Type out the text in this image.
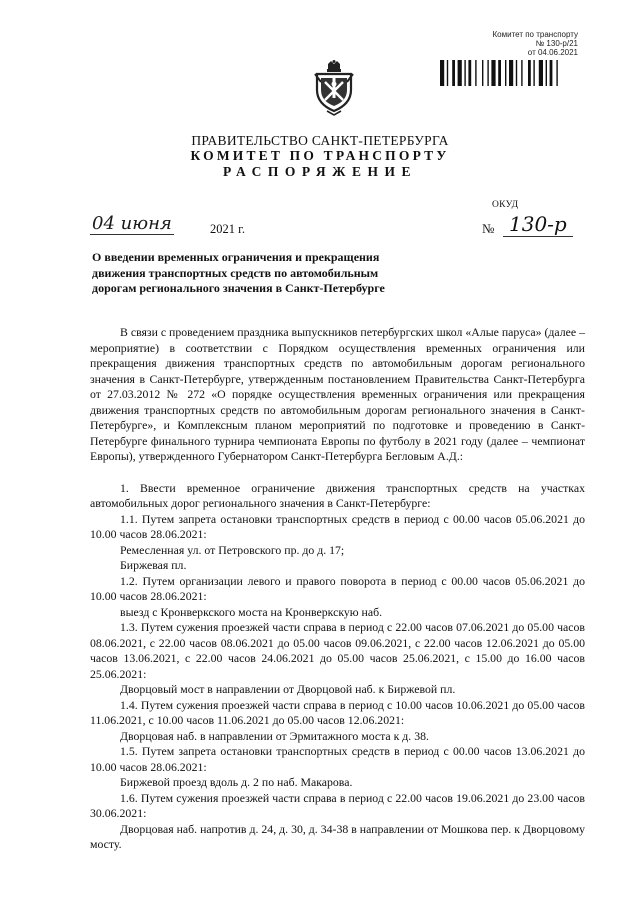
Комитет по транспорту
№ 130-р/21
от 04.06.2021
ПРАВИТЕЛЬСТВО САНКТ-ПЕТЕРБУРГА
КОМИТЕТ ПО ТРАНСПОРТУ
РАСПОРЯЖЕНИЕ
ОКУД
04 июня	2021 г.	№ 130-р
О введении временных ограничения и прекращения движения транспортных средств по автомобильным дорогам регионального значения в Санкт-Петербурге

В связи с проведением праздника выпускников петербургских школ «Алые паруса» (далее – мероприятие) в соответствии с Порядком осуществления временных ограничения или прекращения движения транспортных средств по автомобильным дорогам регионального значения в Санкт-Петербурге, утвержденным постановлением Правительства Санкт-Петербурга от 27.03.2012 № 272 «О порядке осуществления временных ограничения или прекращения движения транспортных средств по автомобильным дорогам регионального значения в Санкт-Петербурге», и Комплексным планом мероприятий по подготовке и проведению в Санкт-Петербурге финального турнира чемпионата Европы по футболу в 2021 году (далее – чемпионат Европы), утвержденного Губернатором Санкт-Петербурга Бегловым А.Д.:

1. Ввести временное ограничение движения транспортных средств на участках автомобильных дорог регионального значения в Санкт-Петербурге:

1.1. Путем запрета остановки транспортных средств в период с 00.00 часов 05.06.2021 до 10.00 часов 28.06.2021:

Ремесленная ул. от Петровского пр. до д. 17;

Биржевая пл.

1.2. Путем организации левого и правого поворота в период с 00.00 часов 05.06.2021 до 10.00 часов 28.06.2021:

выезд с Кронверкского моста на Кронверкскую наб.

1.3. Путем сужения проезжей части справа в период с 22.00 часов 07.06.2021 до 05.00 часов 08.06.2021, с 22.00 часов 08.06.2021 до 05.00 часов 09.06.2021, с 22.00 часов 12.06.2021 до 05.00 часов 13.06.2021, с 22.00 часов 24.06.2021 до 05.00 часов 25.06.2021, с 15.00 до 16.00 часов 25.06.2021:

Дворцовый мост в направлении от Дворцовой наб. к Биржевой пл.

1.4. Путем сужения проезжей части справа в период с 10.00 часов 10.06.2021 до 05.00 часов 11.06.2021, с 10.00 часов 11.06.2021 до 05.00 часов 12.06.2021:

Дворцовая наб. в направлении от Эрмитажного моста к д. 38.

1.5. Путем запрета остановки транспортных средств в период с 00.00 часов 13.06.2021 до 10.00 часов 28.06.2021:

Биржевой проезд вдоль д. 2 по наб. Макарова.

1.6. Путем сужения проезжей части справа в период с 22.00 часов 19.06.2021 до 23.00 часов 30.06.2021:

Дворцовая наб. напротив д. 24, д. 30, д. 34-38 в направлении от Мошкова пер. к Дворцовому мосту.
